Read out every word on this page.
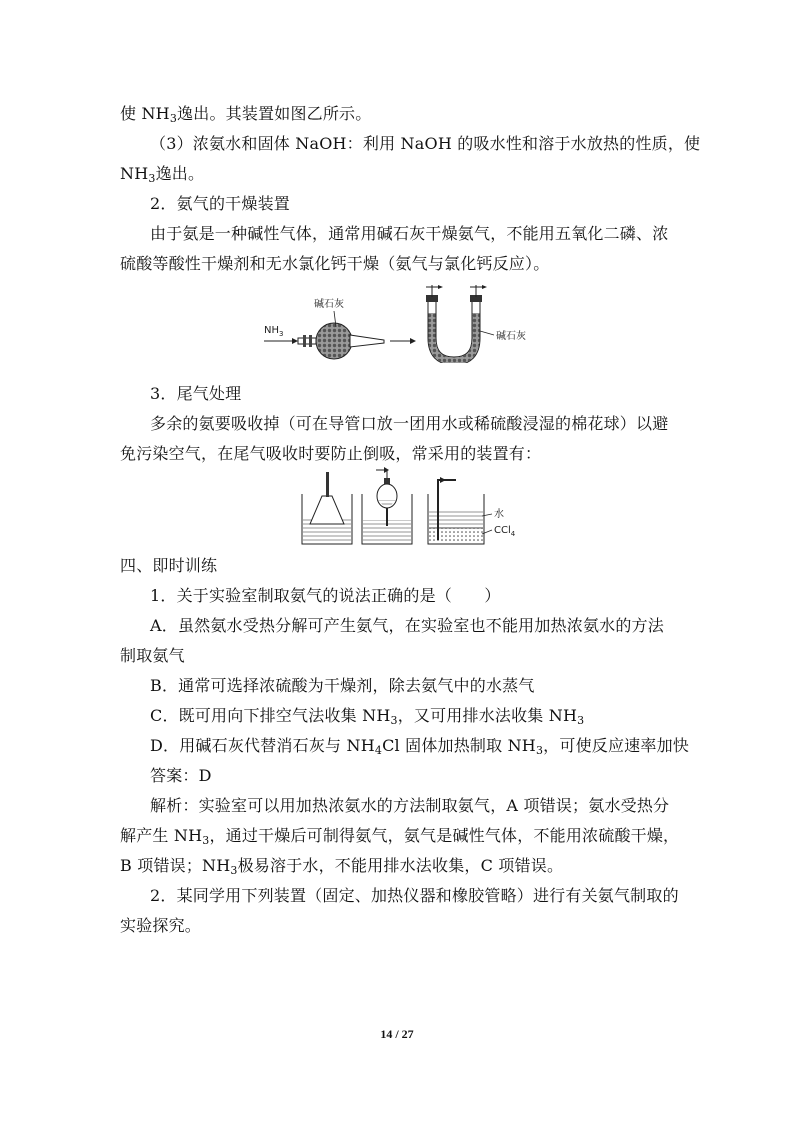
使 $NH_3$逸出。其装置如图乙所示。
（3）浓氨水和固体 NaOH：利用 NaOH 的吸水性和溶于水放热的性质，使
$NH_3$逸出。
2．氨气的干燥装置
由于氨是一种碱性气体，通常用碱石灰干燥氨气，不能用五氧化二磷、浓
硫酸等酸性干燥剂和无水氯化钙干燥（氨气与氯化钙反应）。
$NH_3$
碱石灰
碱石灰
3．尾气处理
多余的氨要吸收掉（可在导管口放一团用水或稀硫酸浸湿的棉花球）以避
免污染空气，在尾气吸收时要防止倒吸，常采用的装置有：
水
CCl$_4$
四、即时训练
1．关于实验室制取氨气的说法正确的是（　　）
A．虽然氨水受热分解可产生氨气，在实验室也不能用加热浓氨水的方法
制取氨气
B．通常可选择浓硫酸为干燥剂，除去氨气中的水蒸气
C．既可用向下排空气法收集 $NH_3$，又可用排水法收集 $NH_3$
D．用碱石灰代替消石灰与 $NH_4Cl$ 固体加热制取 $NH_3$，可使反应速率加快
答案：D
解析：实验室可以用加热浓氨水的方法制取氨气，A 项错误；氨水受热分
解产生 $NH_3$，通过干燥后可制得氨气，氨气是碱性气体，不能用浓硫酸干燥，
B 项错误；$NH_3$极易溶于水，不能用排水法收集，C 项错误。
2．某同学用下列装置（固定、加热仪器和橡胶管略）进行有关氨气制取的
实验探究。
14 / 27
